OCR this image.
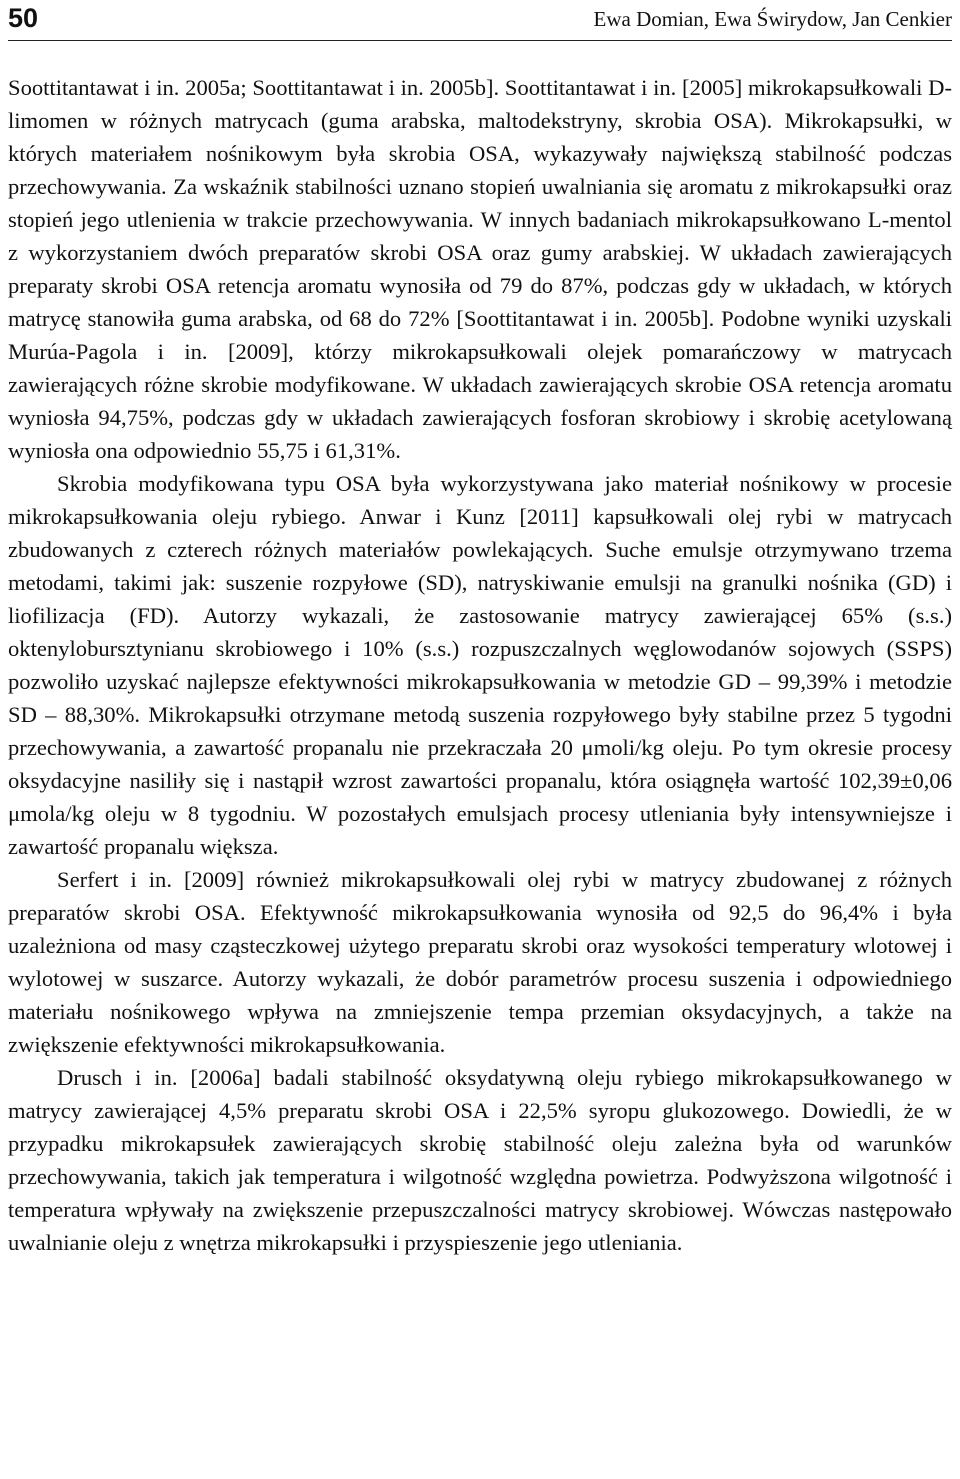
50	Ewa Domian, Ewa Świrydow, Jan Cenkier

Soottitantawat i in. 2005a; Soottitantawat i in. 2005b]. Soottitantawat i in. [2005] mikrokapsułkowali D-limomen w różnych matrycach (guma arabska, maltodekstryny, skrobia OSA). Mikrokapsułki, w których materiałem nośnikowym była skrobia OSA, wykazywały największą stabilność podczas przechowywania. Za wskaźnik stabilności uznano stopień uwalniania się aromatu z mikrokapsułki oraz stopień jego utlenienia w trakcie przechowywania. W innych badaniach mikrokapsułkowano L-mentol z wykorzystaniem dwóch preparatów skrobi OSA oraz gumy arabskiej. W układach zawierających preparaty skrobi OSA retencja aromatu wynosiła od 79 do 87%, podczas gdy w układach, w których matrycę stanowiła guma arabska, od 68 do 72% [Soottitantawat i in. 2005b]. Podobne wyniki uzyskali Murúa-Pagola i in. [2009], którzy mikrokapsułkowali olejek pomarańczowy w matrycach zawierających różne skrobie modyfikowane. W układach zawierających skrobie OSA retencja aromatu wyniosła 94,75%, podczas gdy w układach zawierających fosforan skrobiowy i skrobię acetylowaną wyniosła ona odpowiednio 55,75 i 61,31%.

Skrobia modyfikowana typu OSA była wykorzystywana jako materiał nośnikowy w procesie mikrokapsułkowania oleju rybiego. Anwar i Kunz [2011] kapsułkowali olej rybi w matrycach zbudowanych z czterech różnych materiałów powlekających. Suche emulsje otrzymywano trzema metodami, takimi jak: suszenie rozpyłowe (SD), natryskiwanie emulsji na granulki nośnika (GD) i liofilizacja (FD). Autorzy wykazali, że zastosowanie matrycy zawierającej 65% (s.s.) oktenylobursztynianu skrobiowego i 10% (s.s.) rozpuszczalnych węglowodanów sojowych (SSPS) pozwoliło uzyskać najlepsze efektywności mikrokapsułkowania w metodzie GD – 99,39% i metodzie SD – 88,30%. Mikrokapsułki otrzymane metodą suszenia rozpyłowego były stabilne przez 5 tygodni przechowywania, a zawartość propanalu nie przekraczała 20 μmoli/kg oleju. Po tym okresie procesy oksydacyjne nasiliły się i nastąpił wzrost zawartości propanalu, która osiągnęła wartość 102,39±0,06 μmola/kg oleju w 8 tygodniu. W pozostałych emulsjach procesy utleniania były intensywniejsze i zawartość propanalu większa.

Serfert i in. [2009] również mikrokapsułkowali olej rybi w matrycy zbudowanej z różnych preparatów skrobi OSA. Efektywność mikrokapsułkowania wynosiła od 92,5 do 96,4% i była uzależniona od masy cząsteczkowej użytego preparatu skrobi oraz wysokości temperatury wlotowej i wylotowej w suszarce. Autorzy wykazali, że dobór parametrów procesu suszenia i odpowiedniego materiału nośnikowego wpływa na zmniejszenie tempa przemian oksydacyjnych, a także na zwiększenie efektywności mikrokapsułkowania.

Drusch i in. [2006a] badali stabilność oksydatywną oleju rybiego mikrokapsułkowanego w matrycy zawierającej 4,5% preparatu skrobi OSA i 22,5% syropu glukozowego. Dowiedli, że w przypadku mikrokapsułek zawierających skrobię stabilność oleju zależna była od warunków przechowywania, takich jak temperatura i wilgotność względna powietrza. Podwyższona wilgotność i temperatura wpływały na zwiększenie przepuszczalności matrycy skrobiowej. Wówczas następowało uwalnianie oleju z wnętrza mikrokapsułki i przyspieszenie jego utleniania.
